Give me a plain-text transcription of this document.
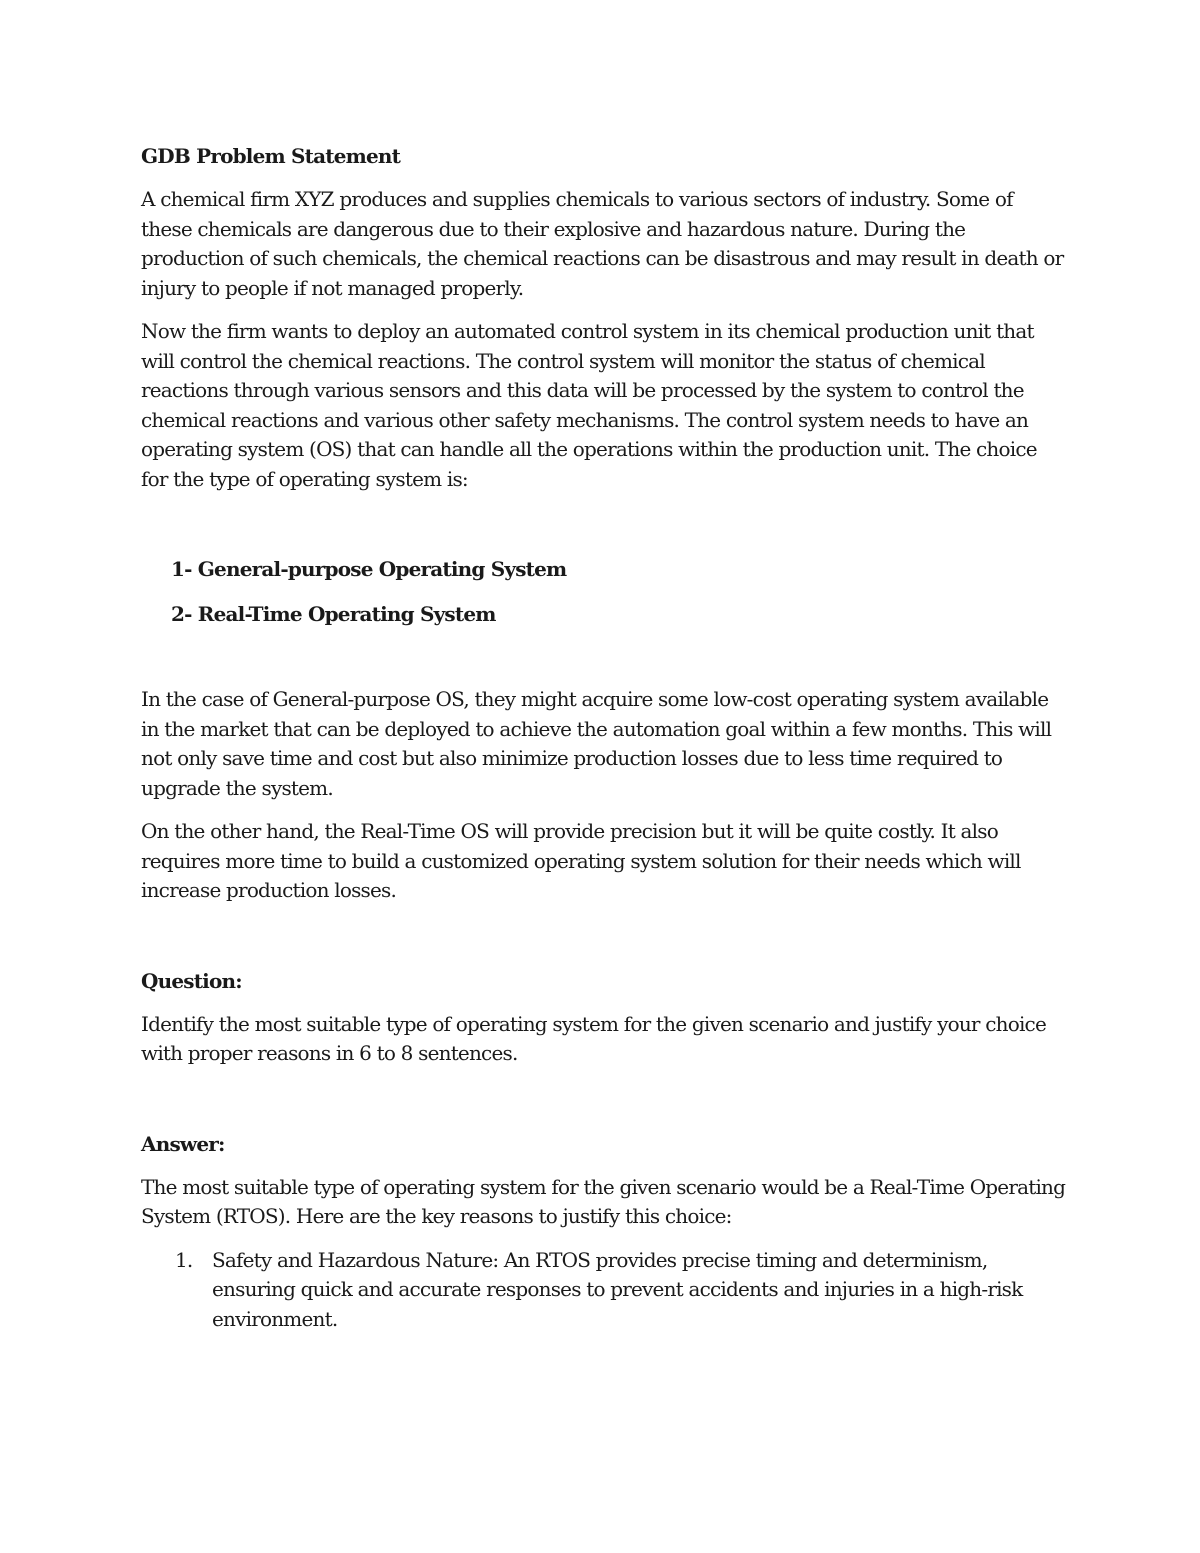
GDB Problem Statement

A chemical firm XYZ produces and supplies chemicals to various sectors of industry. Some of these chemicals are dangerous due to their explosive and hazardous nature. During the production of such chemicals, the chemical reactions can be disastrous and may result in death or injury to people if not managed properly.

Now the firm wants to deploy an automated control system in its chemical production unit that will control the chemical reactions. The control system will monitor the status of chemical reactions through various sensors and this data will be processed by the system to control the chemical reactions and various other safety mechanisms. The control system needs to have an operating system (OS) that can handle all the operations within the production unit. The choice for the type of operating system is:

1- General-purpose Operating System
2- Real-Time Operating System

In the case of General-purpose OS, they might acquire some low-cost operating system available in the market that can be deployed to achieve the automation goal within a few months. This will not only save time and cost but also minimize production losses due to less time required to upgrade the system.

On the other hand, the Real-Time OS will provide precision but it will be quite costly. It also requires more time to build a customized operating system solution for their needs which will increase production losses.

Question:

Identify the most suitable type of operating system for the given scenario and justify your choice with proper reasons in 6 to 8 sentences.

Answer:

The most suitable type of operating system for the given scenario would be a Real-Time Operating System (RTOS). Here are the key reasons to justify this choice:

1. Safety and Hazardous Nature: An RTOS provides precise timing and determinism, ensuring quick and accurate responses to prevent accidents and injuries in a high-risk environment.
